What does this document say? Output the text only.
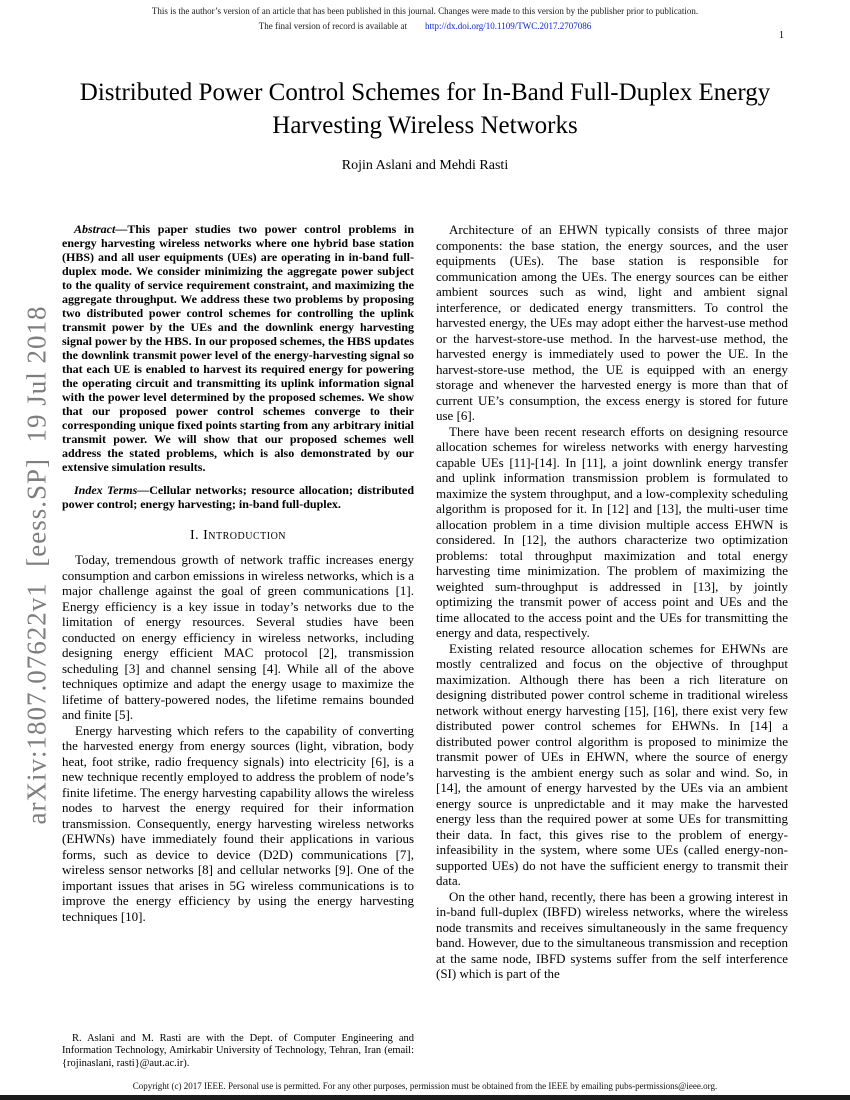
This is the author’s version of an article that has been published in this journal. Changes were made to this version by the publisher prior to publication.
The final version of record is available at http://dx.doi.org/10.1109/TWC.2017.2707086
1
arXiv:1807.07622v1  [eess.SP]  19 Jul 2018
Distributed Power Control Schemes for In-Band Full-Duplex Energy Harvesting Wireless Networks
Rojin Aslani and Mehdi Rasti

Abstract—This paper studies two power control problems in energy harvesting wireless networks where one hybrid base station (HBS) and all user equipments (UEs) are operating in in-band full-duplex mode. We consider minimizing the aggregate power subject to the quality of service requirement constraint, and maximizing the aggregate throughput. We address these two problems by proposing two distributed power control schemes for controlling the uplink transmit power by the UEs and the downlink energy harvesting signal power by the HBS. In our proposed schemes, the HBS updates the downlink transmit power level of the energy-harvesting signal so that each UE is enabled to harvest its required energy for powering the operating circuit and transmitting its uplink information signal with the power level determined by the proposed schemes. We show that our proposed power control schemes converge to their corresponding unique fixed points starting from any arbitrary initial transmit power. We will show that our proposed schemes well address the stated problems, which is also demonstrated by our extensive simulation results.

Index Terms—Cellular networks; resource allocation; distributed power control; energy harvesting; in-band full-duplex.

I. Introduction

Today, tremendous growth of network traffic increases energy consumption and carbon emissions in wireless networks, which is a major challenge against the goal of green communications [1]. Energy efficiency is a key issue in today’s networks due to the limitation of energy resources. Several studies have been conducted on energy efficiency in wireless networks, including designing energy efficient MAC protocol [2], transmission scheduling [3] and channel sensing [4]. While all of the above techniques optimize and adapt the energy usage to maximize the lifetime of battery-powered nodes, the lifetime remains bounded and finite [5].

Energy harvesting which refers to the capability of converting the harvested energy from energy sources (light, vibration, body heat, foot strike, radio frequency signals) into electricity [6], is a new technique recently employed to address the problem of node’s finite lifetime. The energy harvesting capability allows the wireless nodes to harvest the energy required for their information transmission. Consequently, energy harvesting wireless networks (EHWNs) have immediately found their applications in various forms, such as device to device (D2D) communications [7], wireless sensor networks [8] and cellular networks [9]. One of the important issues that arises in 5G wireless communications is to improve the energy efficiency by using the energy harvesting techniques [10].

R. Aslani and M. Rasti are with the Dept. of Computer Engineering and Information Technology, Amirkabir University of Technology, Tehran, Iran (email: {rojinaslani, rasti}@aut.ac.ir).

Architecture of an EHWN typically consists of three major components: the base station, the energy sources, and the user equipments (UEs). The base station is responsible for communication among the UEs. The energy sources can be either ambient sources such as wind, light and ambient signal interference, or dedicated energy transmitters. To control the harvested energy, the UEs may adopt either the harvest-use method or the harvest-store-use method. In the harvest-use method, the harvested energy is immediately used to power the UE. In the harvest-store-use method, the UE is equipped with an energy storage and whenever the harvested energy is more than that of current UE’s consumption, the excess energy is stored for future use [6].

There have been recent research efforts on designing resource allocation schemes for wireless networks with energy harvesting capable UEs [11]-[14]. In [11], a joint downlink energy transfer and uplink information transmission problem is formulated to maximize the system throughput, and a low-complexity scheduling algorithm is proposed for it. In [12] and [13], the multi-user time allocation problem in a time division multiple access EHWN is considered. In [12], the authors characterize two optimization problems: total throughput maximization and total energy harvesting time minimization. The problem of maximizing the weighted sum-throughput is addressed in [13], by jointly optimizing the transmit power of access point and UEs and the time allocated to the access point and the UEs for transmitting the energy and data, respectively.

Existing related resource allocation schemes for EHWNs are mostly centralized and focus on the objective of throughput maximization. Although there has been a rich literature on designing distributed power control scheme in traditional wireless network without energy harvesting [15], [16], there exist very few distributed power control schemes for EHWNs. In [14] a distributed power control algorithm is proposed to minimize the transmit power of UEs in EHWN, where the source of energy harvesting is the ambient energy such as solar and wind. So, in [14], the amount of energy harvested by the UEs via an ambient energy source is unpredictable and it may make the harvested energy less than the required power at some UEs for transmitting their data. In fact, this gives rise to the problem of energy-infeasibility in the system, where some UEs (called energy-non-supported UEs) do not have the sufficient energy to transmit their data.

On the other hand, recently, there has been a growing interest in in-band full-duplex (IBFD) wireless networks, where the wireless node transmits and receives simultaneously in the same frequency band. However, due to the simultaneous transmission and reception at the same node, IBFD systems suffer from the self interference (SI) which is part of the

Copyright (c) 2017 IEEE. Personal use is permitted. For any other purposes, permission must be obtained from the IEEE by emailing pubs-permissions@ieee.org.
